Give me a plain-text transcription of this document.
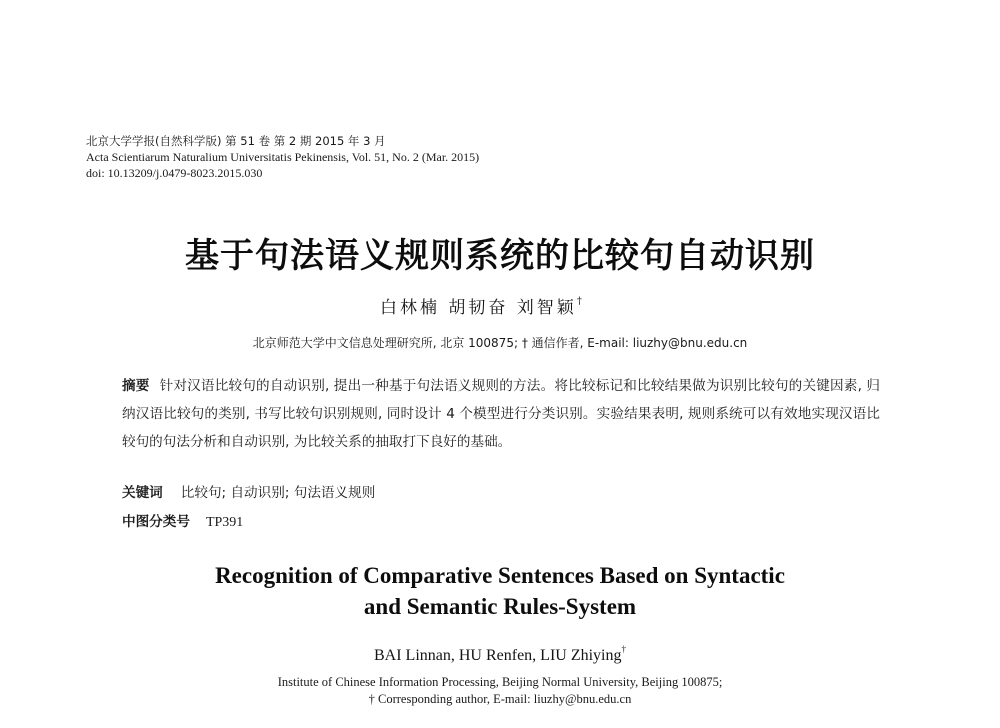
北京大学学报(自然科学版) 第 51 卷 第 2 期 2015 年 3 月
Acta Scientiarum Naturalium Universitatis Pekinensis, Vol. 51, No. 2 (Mar. 2015)
doi: 10.13209/j.0479-8023.2015.030
基于句法语义规则系统的比较句自动识别
白林楠 胡韧奋 刘智颖†
北京师范大学中文信息处理研究所, 北京 100875; † 通信作者, E-mail: liuzhy@bnu.edu.cn
摘要 针对汉语比较句的自动识别, 提出一种基于句法语义规则的方法。将比较标记和比较结果做为识别比较句的关键因素, 归纳汉语比较句的类别, 书写比较句识别规则, 同时设计 4 个模型进行分类识别。实验结果表明, 规则系统可以有效地实现汉语比较句的句法分析和自动识别, 为比较关系的抽取打下良好的基础。
关键词 比较句; 自动识别; 句法语义规则
中图分类号 TP391
Recognition of Comparative Sentences Based on Syntactic
and Semantic Rules-System
BAI Linnan, HU Renfen, LIU Zhiying†
Institute of Chinese Information Processing, Beijing Normal University, Beijing 100875;
† Corresponding author, E-mail: liuzhy@bnu.edu.cn
